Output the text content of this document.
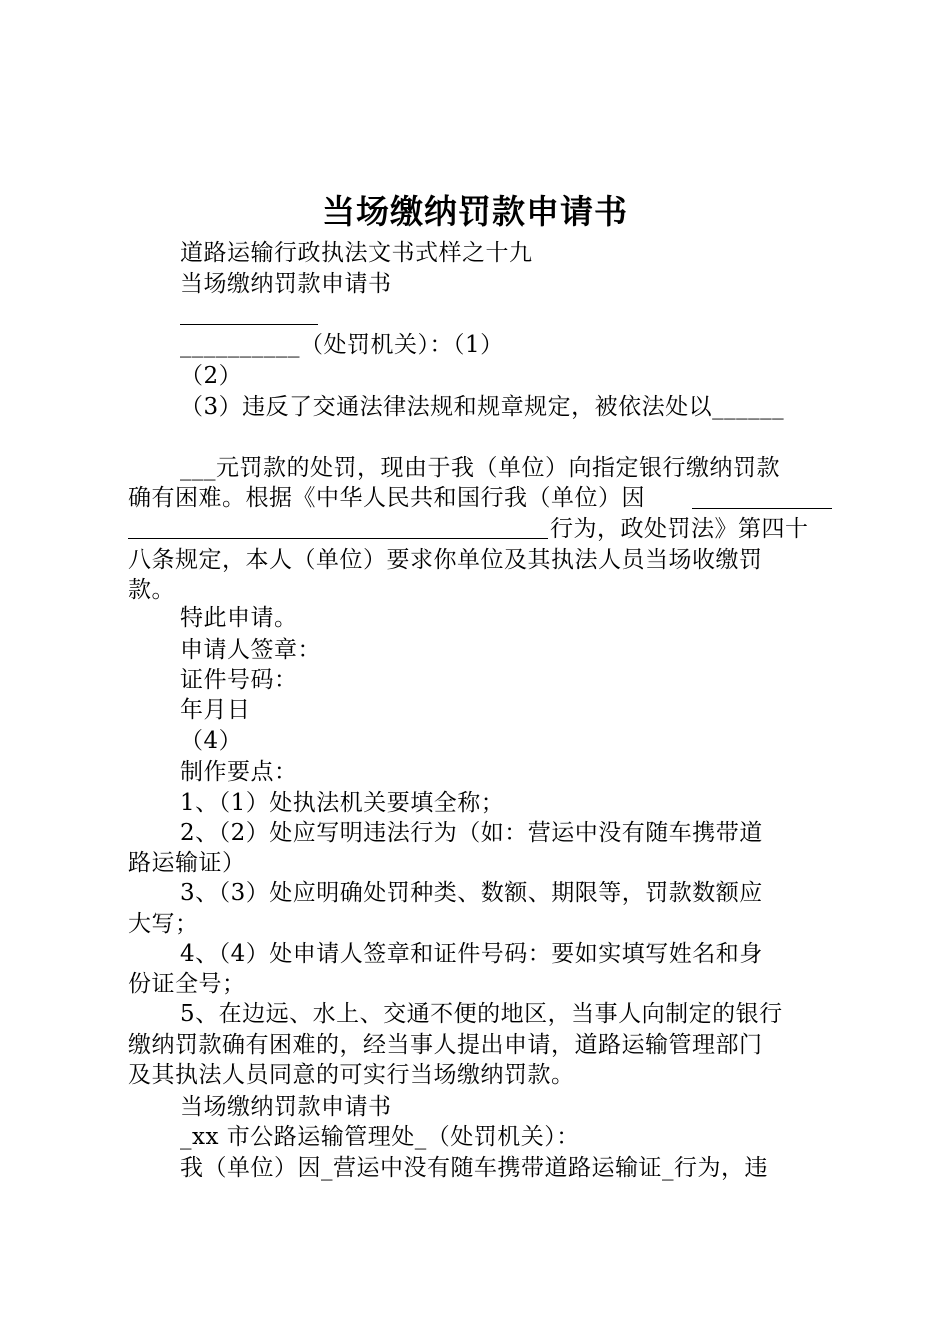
当场缴纳罚款申请书
道路运输行政执法文书式样之十九
当场缴纳罚款申请书
__________（处罚机关）：（1）
（2）
（3）违反了交通法律法规和规章规定，被依法处以______
___元罚款的处罚，现由于我（单位）向指定银行缴纳罚款
确有困难。根据《中华人民共和国行我（单位）因
行为，政处罚法》第四十
八条规定，本人（单位）要求你单位及其执法人员当场收缴罚
款。
特此申请。
申请人签章：
证件号码：
年月日
（4）
制作要点：
1、（1）处执法机关要填全称；
2、（2）处应写明违法行为（如：营运中没有随车携带道
路运输证）
3、（3）处应明确处罚种类、数额、期限等，罚款数额应
大写；
4、（4）处申请人签章和证件号码：要如实填写姓名和身
份证全号；
5、在边远、水上、交通不便的地区，当事人向制定的银行
缴纳罚款确有困难的，经当事人提出申请，道路运输管理部门
及其执法人员同意的可实行当场缴纳罚款。
当场缴纳罚款申请书
_xx 市公路运输管理处_（处罚机关）：
我（单位）因_营运中没有随车携带道路运输证_行为，违
